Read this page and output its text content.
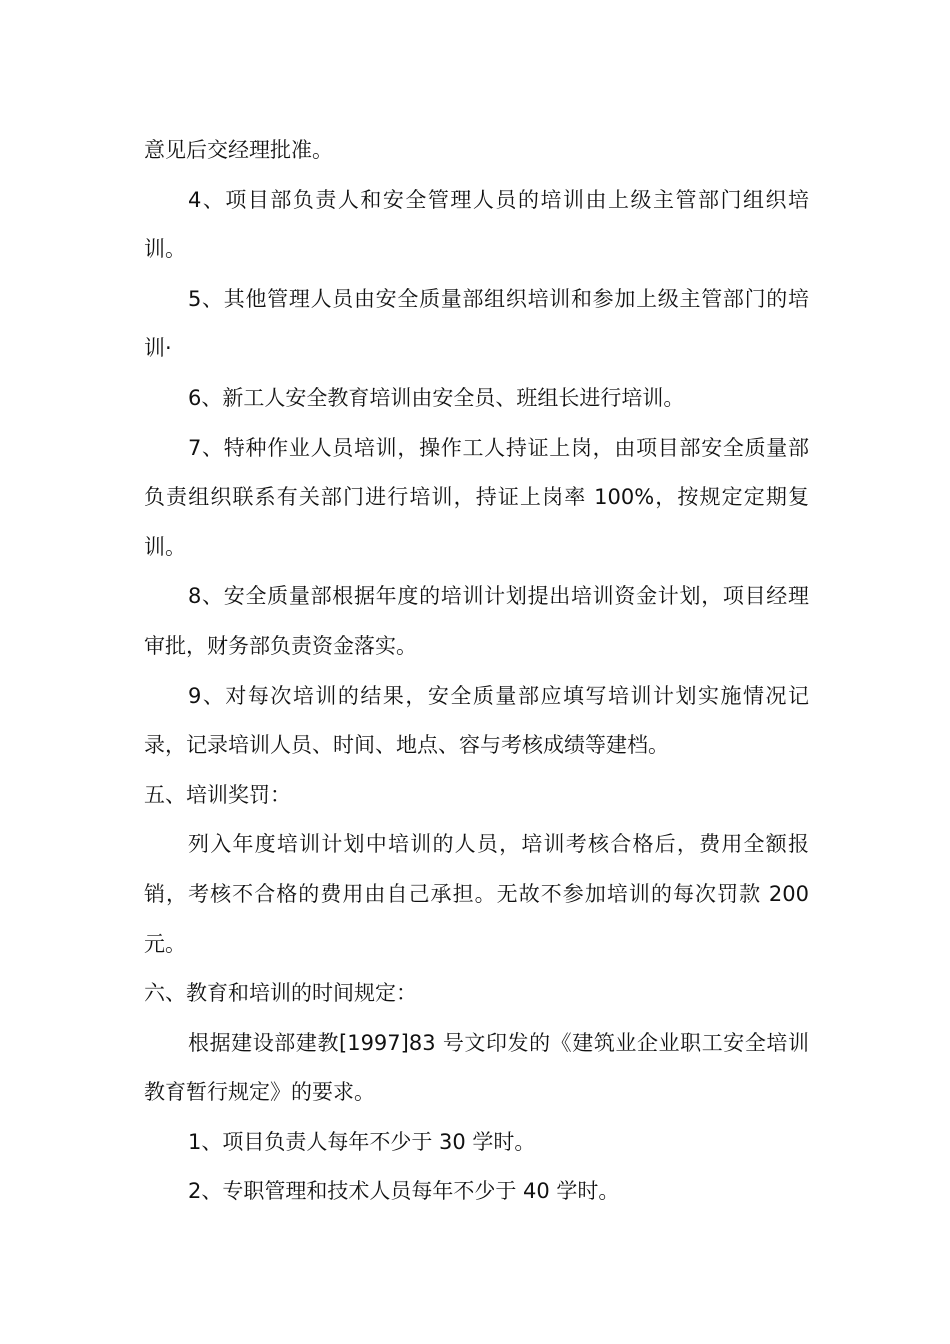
意见后交经理批准。

4、项目部负责人和安全管理人员的培训由上级主管部门组织培训。

5、其他管理人员由安全质量部组织培训和参加上级主管部门的培训·

6、新工人安全教育培训由安全员、班组长进行培训。

7、特种作业人员培训，操作工人持证上岗，由项目部安全质量部负责组织联系有关部门进行培训，持证上岗率 100%，按规定定期复训。

8、安全质量部根据年度的培训计划提出培训资金计划，项目经理审批，财务部负责资金落实。

9、对每次培训的结果，安全质量部应填写培训计划实施情况记录，记录培训人员、时间、地点、容与考核成绩等建档。

五、培训奖罚：

列入年度培训计划中培训的人员，培训考核合格后，费用全额报销，考核不合格的费用由自己承担。无故不参加培训的每次罚款 200 元。

六、教育和培训的时间规定：

根据建设部建教[1997]83 号文印发的《建筑业企业职工安全培训教育暂行规定》的要求。

1、项目负责人每年不少于 30 学时。

2、专职管理和技术人员每年不少于 40 学时。
